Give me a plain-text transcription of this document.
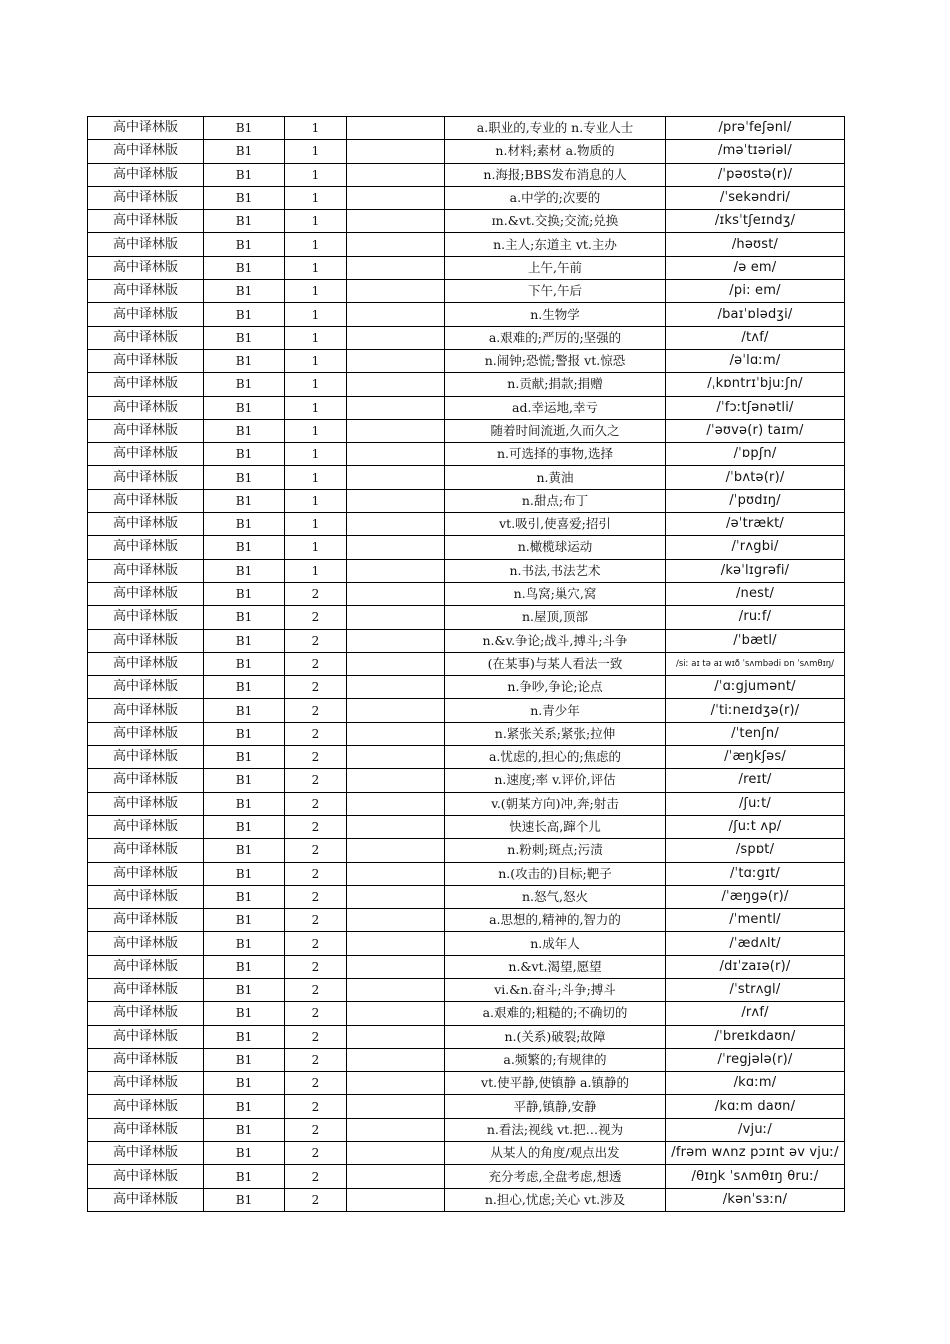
高中译林版	B1	1		a.职业的,专业的 n.专业人士	/prəˈfeʃənl/
高中译林版	B1	1		n.材料;素材 a.物质的	/məˈtɪəriəl/
高中译林版	B1	1		n.海报;BBS发布消息的人	/ˈpəʊstə(r)/
高中译林版	B1	1		a.中学的;次要的	/ˈsekəndri/
高中译林版	B1	1		ɪn.&vt.交换;交流;兑换	/ɪksˈtʃeɪndʒ/
高中译林版	B1	1		n.主人;东道主 vt.主办	/həʊst/
高中译林版	B1	1		上午,午前	/ə em/
高中译林版	B1	1		下午,午后	/pi: em/
高中译林版	B1	1		n.生物学	/baɪˈɒlədʒi/
高中译林版	B1	1		a.艰难的;严厉的;坚强的	/tʌf/
高中译林版	B1	1		n.闹钟;恐慌;警报 vt.惊恐	/əˈlɑːm/
高中译林版	B1	1		n.贡献;捐款;捐赠	/ˌkɒntrɪˈbjuːʃn/
高中译林版	B1	1		ad.幸运地,幸亏	/ˈfɔːtʃənətli/
高中译林版	B1	1		随着时间流逝,久而久之	/ˈəʊvə(r) taɪm/
高中译林版	B1	1		n.可选择的事物,选择	/ˈɒpʃn/
高中译林版	B1	1		n.黄油	/ˈbʌtə(r)/
高中译林版	B1	1		n.甜点;布丁	/ˈpʊdɪŋ/
高中译林版	B1	1		vt.吸引,使喜爱;招引	/əˈtrækt/
高中译林版	B1	1		n.橄榄球运动	/ˈrʌgbi/
高中译林版	B1	1		n.书法,书法艺术	/kəˈlɪgrəfi/
高中译林版	B1	2		n.鸟窝;巢穴,窝	/nest/
高中译林版	B1	2		n.屋顶,顶部	/ruːf/
高中译林版	B1	2		n.&v.争论;战斗,搏斗;斗争	/ˈbætl/
高中译林版	B1	2		(在某事)与某人看法一致	/siː aɪ tə aɪ wɪð ˈsʌmbədi ɒn ˈsʌmθɪŋ/
高中译林版	B1	2		n.争吵,争论;论点	/ˈɑːgjumənt/
高中译林版	B1	2		n.青少年	/ˈtiːneɪdʒə(r)/
高中译林版	B1	2		n.紧张关系;紧张;拉伸	/ˈtenʃn/
高中译林版	B1	2		a.忧虑的,担心的;焦虑的	/ˈæŋkʃəs/
高中译林版	B1	2		n.速度;率 v.评价,评估	/reɪt/
高中译林版	B1	2		v.(朝某方向)冲,奔;射击	/ʃuːt/
高中译林版	B1	2		快速长高,蹿个儿	/ʃuːt ʌp/
高中译林版	B1	2		n.粉刺;斑点;污渍	/spɒt/
高中译林版	B1	2		n.(攻击的)目标;靶子	/ˈtɑːgɪt/
高中译林版	B1	2		n.怒气,怒火	/ˈæŋgə(r)/
高中译林版	B1	2		a.思想的,精神的,智力的	/ˈmentl/
高中译林版	B1	2		n.成年人	/ˈædʌlt/
高中译林版	B1	2		n.&vt.渴望,愿望	/dɪˈzaɪə(r)/
高中译林版	B1	2		vi.&n.奋斗;斗争;搏斗	/ˈstrʌgl/
高中译林版	B1	2		a.艰难的;粗糙的;不确切的	/rʌf/
高中译林版	B1	2		n.(关系)破裂;故障	/ˈbreɪkdaʊn/
高中译林版	B1	2		a.频繁的;有规律的	/ˈregjələ(r)/
高中译林版	B1	2		vt.使平静,使镇静 a.镇静的	/kɑːm/
高中译林版	B1	2		平静,镇静,安静	/kɑːm daʊn/
高中译林版	B1	2		n.看法;视线 vt.把…视为	/vjuː/
高中译林版	B1	2		从某人的角度/观点出发	/frəm wʌnz pɔɪnt əv vjuː/
高中译林版	B1	2		充分考虑,全盘考虑,想透	/θɪŋk ˈsʌmθɪŋ θruː/
高中译林版	B1	2		n.担心,忧虑;关心 vt.涉及	/kənˈsɜːn/
